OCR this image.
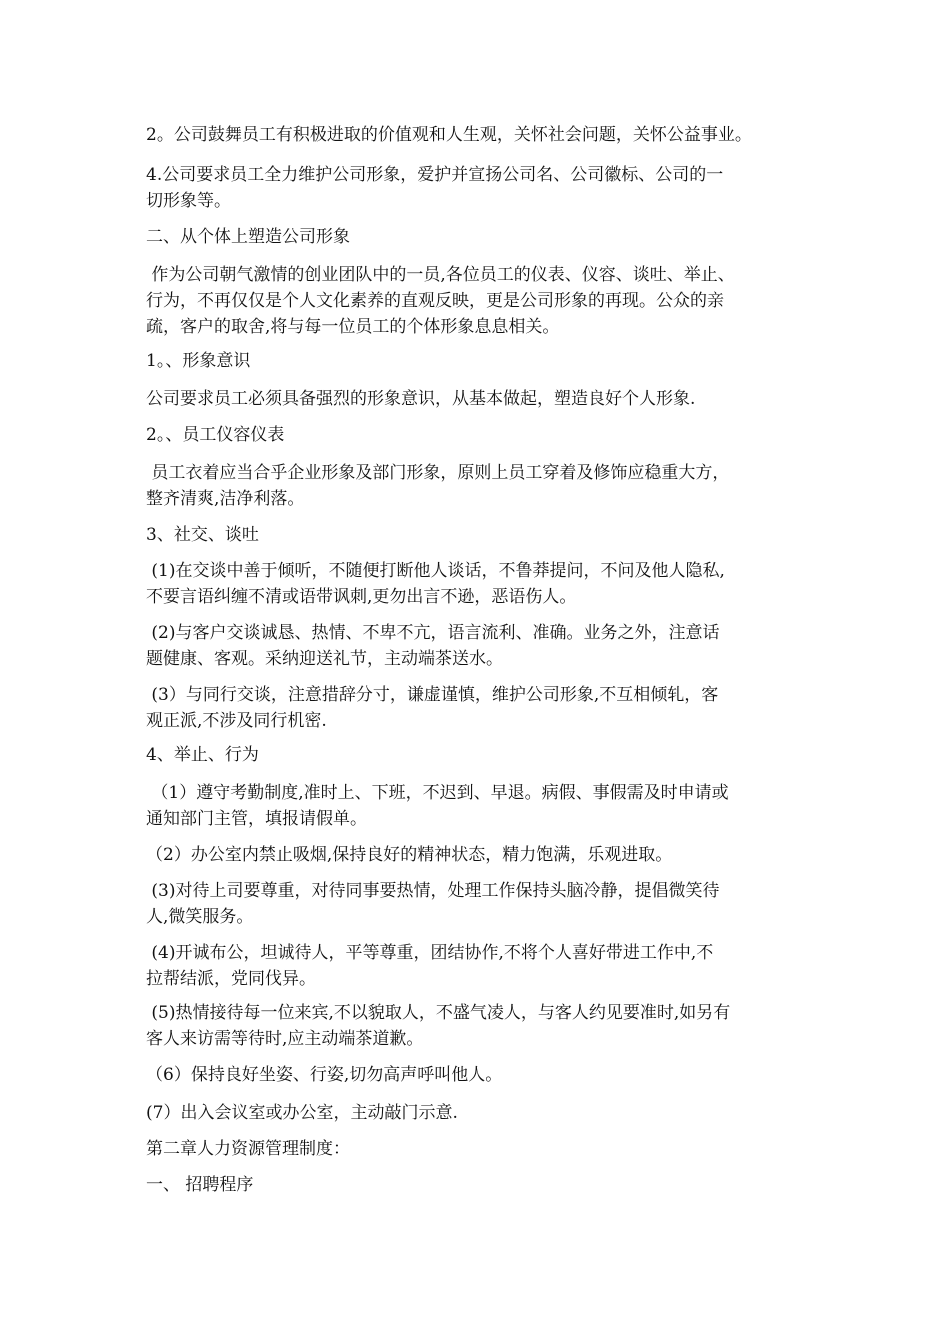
2。公司鼓舞员工有积极进取的价值观和人生观，关怀社会问题，关怀公益事业。

4.公司要求员工全力维护公司形象，爱护并宣扬公司名、公司徽标、公司的一
切形象等。

二、从个体上塑造公司形象

作为公司朝气激情的创业团队中的一员,各位员工的仪表、仪容、谈吐、举止、
行为，不再仅仅是个人文化素养的直观反映，更是公司形象的再现。公众的亲
疏，客户的取舍,将与每一位员工的个体形象息息相关。

1。、形象意识

公司要求员工必须具备强烈的形象意识，从基本做起，塑造良好个人形象.

2。、员工仪容仪表

员工衣着应当合乎企业形象及部门形象，原则上员工穿着及修饰应稳重大方，
整齐清爽,洁净利落。

3、社交、谈吐

(1)在交谈中善于倾听，不随便打断他人谈话，不鲁莽提问，不问及他人隐私,
不要言语纠缠不清或语带讽刺,更勿出言不逊，恶语伤人。

(2)与客户交谈诚恳、热情、不卑不亢，语言流利、准确。业务之外，注意话
题健康、客观。采纳迎送礼节，主动端茶送水。

(3）与同行交谈，注意措辞分寸，谦虚谨慎，维护公司形象,不互相倾轧，客
观正派,不涉及同行机密.

4、举止、行为

（1）遵守考勤制度,准时上、下班，不迟到、早退。病假、事假需及时申请或
通知部门主管，填报请假单。

（2）办公室内禁止吸烟,保持良好的精神状态，精力饱满，乐观进取。

(3)对待上司要尊重，对待同事要热情，处理工作保持头脑冷静，提倡微笑待
人,微笑服务。

(4)开诚布公，坦诚待人，平等尊重，团结协作,不将个人喜好带进工作中,不
拉帮结派，党同伐异。

(5)热情接待每一位来宾,不以貌取人，不盛气凌人，与客人约见要准时,如另有
客人来访需等待时,应主动端茶道歉。

（6）保持良好坐姿、行姿,切勿高声呼叫他人。

(7）出入会议室或办公室，主动敲门示意.

第二章人力资源管理制度：

一、 招聘程序
